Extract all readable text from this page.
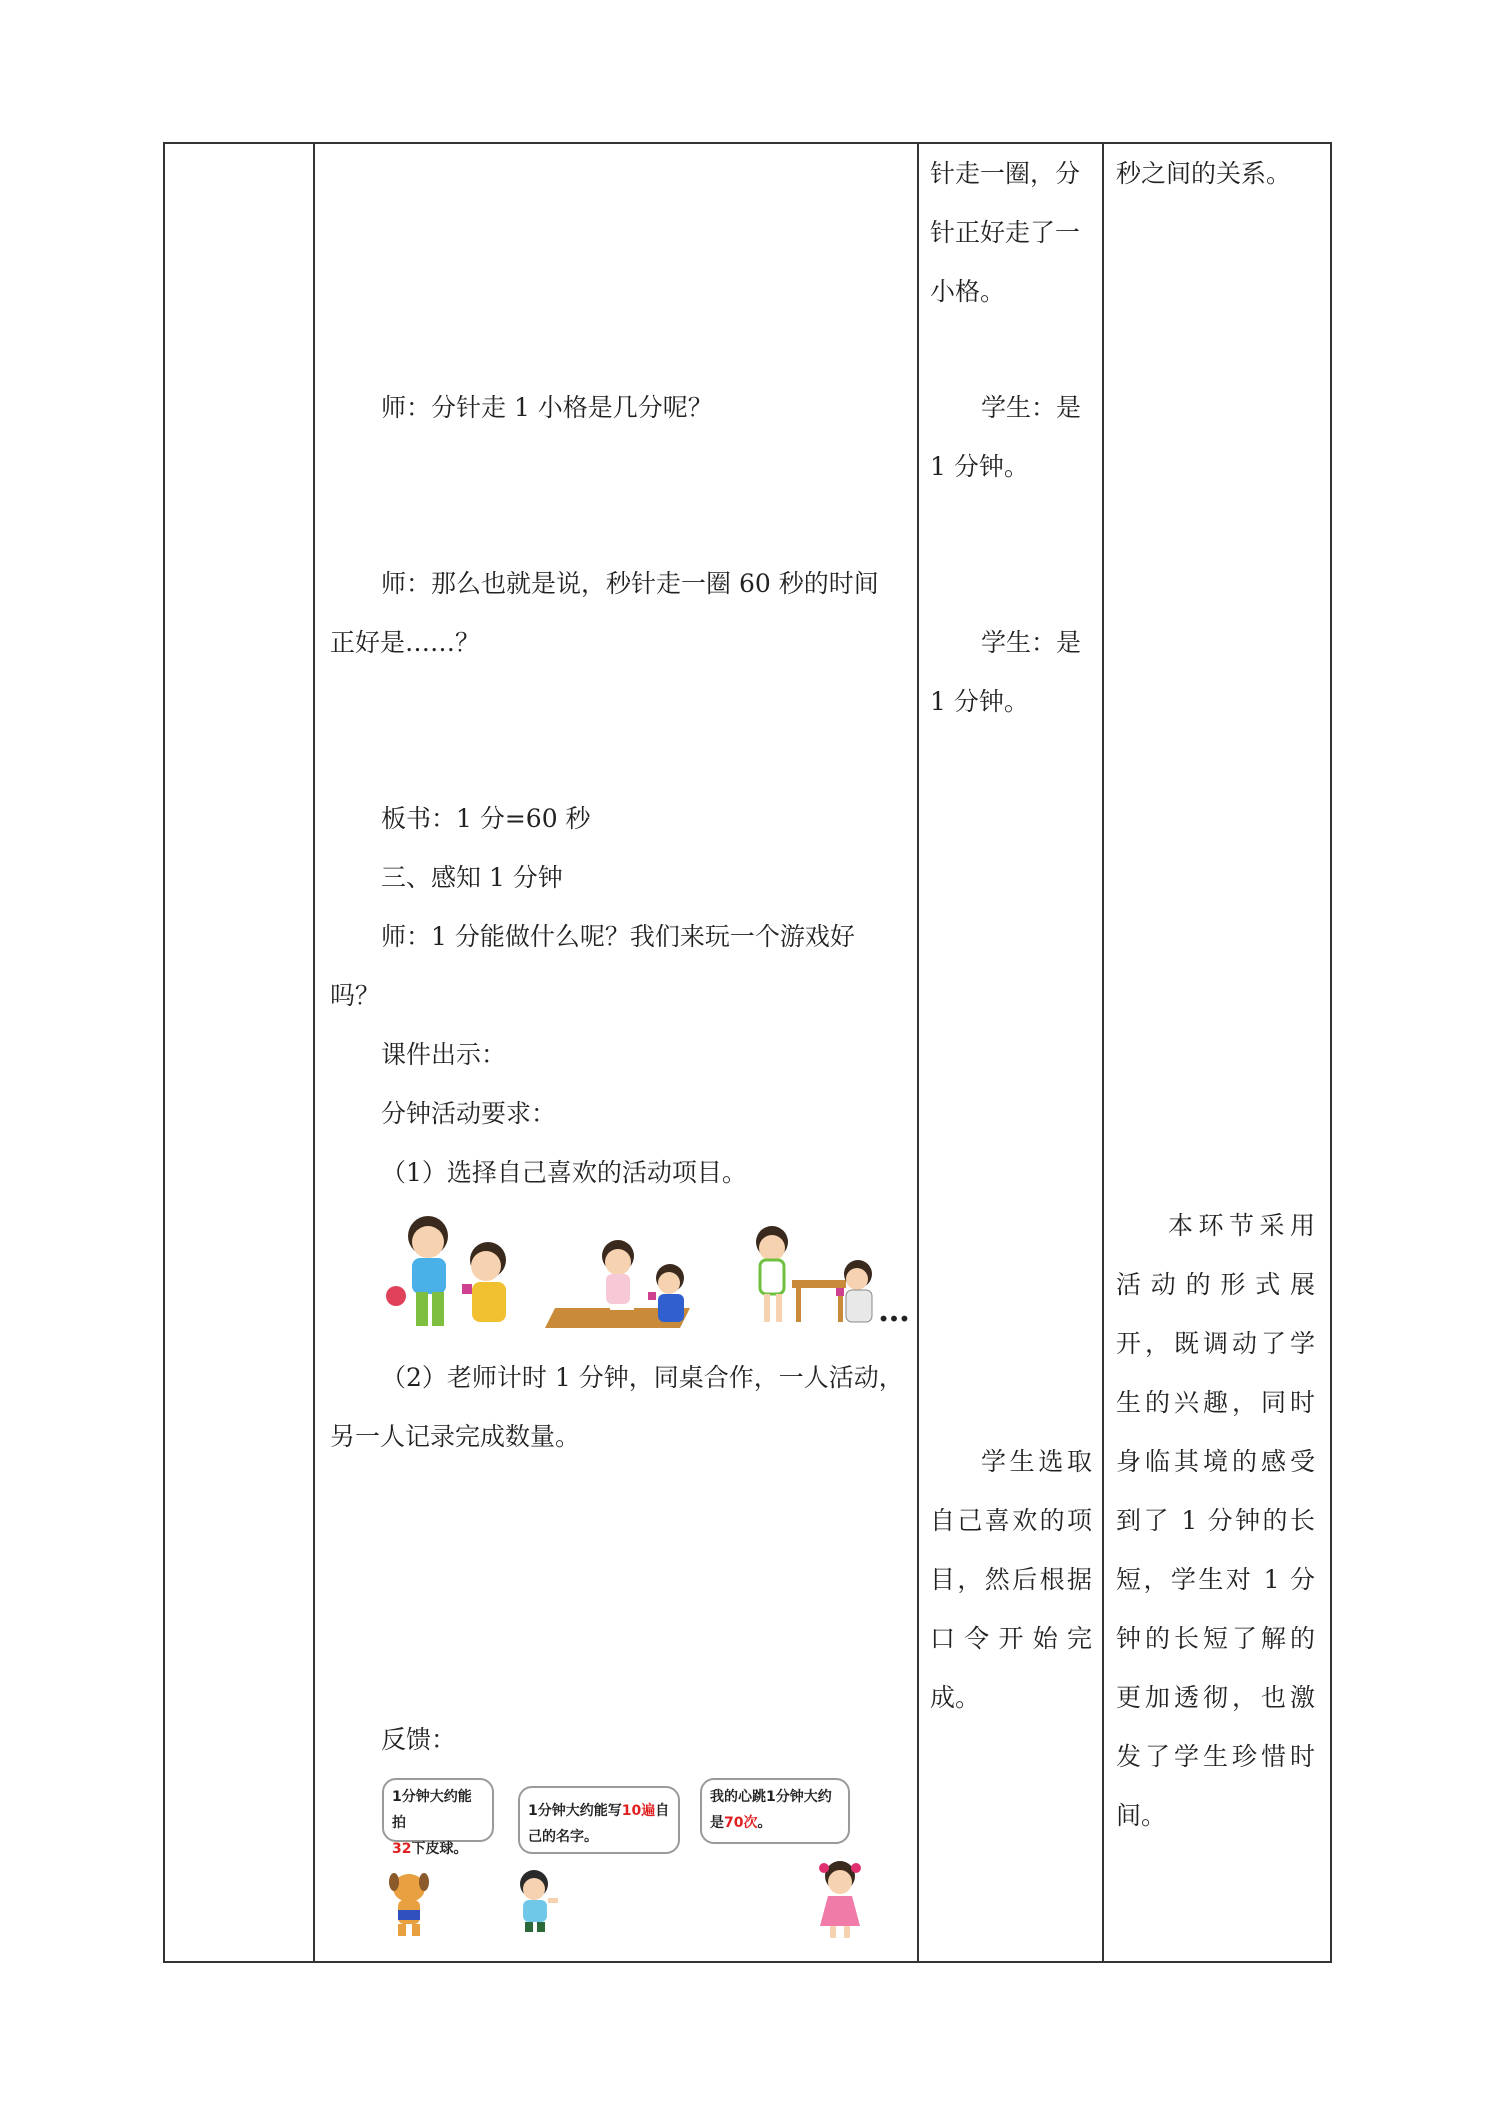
针走一圈，分
针正好走了一
小格。
秒之间的关系。
师：分针走 1 小格是几分呢？
师：那么也就是说，秒针走一圈 60 秒的时间
正好是……？
板书：1 分=60 秒
三、感知 1 分钟
师：1 分能做什么呢？我们来玩一个游戏好
吗？
课件出示：
分钟活动要求：
（1）选择自己喜欢的活动项目。
…
（2）老师计时 1 分钟，同桌合作，一人活动，
另一人记录完成数量。
反馈：
1分钟大约能拍
32下皮球。
1分钟大约能写10遍自
己的名字。
我的心跳1分钟大约
是70次。
学生：是
1 分钟。
学生：是
1 分钟。
学生选取
自己喜欢的项
目，然后根据
口令开始完
成。
本环节采用
活动的形式展
开，既调动了学
生的兴趣，同时
身临其境的感受
到了 1 分钟的长
短，学生对 1 分
钟的长短了解的
更加透彻，也激
发了学生珍惜时
间。
